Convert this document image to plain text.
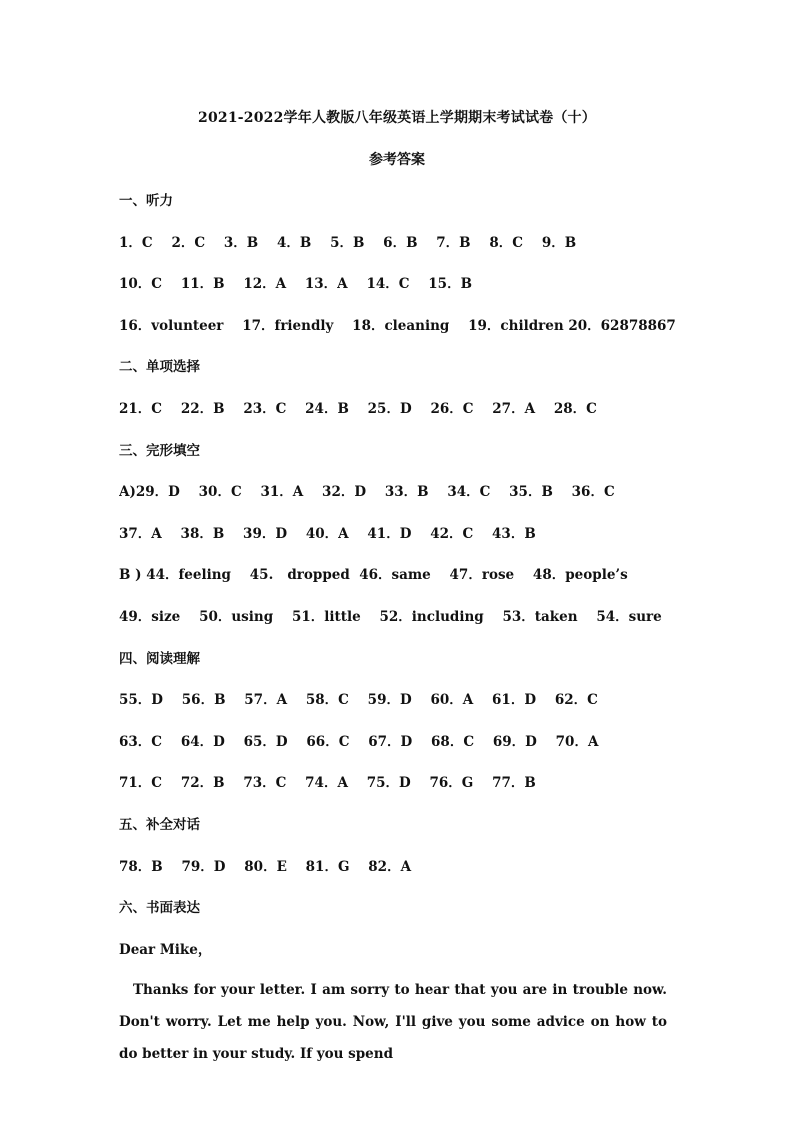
2021-2022学年人教版八年级英语上学期期末考试试卷（十）
参考答案
一、听力
1．C    2．C    3．B    4．B    5．B    6．B    7．B    8．C    9．B
10．C    11．B    12．A    13．A    14．C    15．B
16．volunteer    17．friendly    18．cleaning    19．children 20．62878867
二、单项选择
21．C    22．B    23．C    24．B    25．D    26．C    27．A    28．C
三、完形填空
A)29．D    30．C    31．A    32．D    33．B    34．C    35．B    36．C
37．A    38．B    39．D    40．A    41．D    42．C    43．B
B ) 44．feeling    45.   dropped  46．same    47．rose    48．people’s
49．size    50．using    51．little    52．including    53．taken    54．sure
四、阅读理解
55．D    56．B    57．A    58．C    59．D    60．A    61．D    62．C
63．C    64．D    65．D    66．C    67．D    68．C    69．D    70．A
71．C    72．B    73．C    74．A    75．D    76．G    77．B
五、补全对话
78．B    79．D    80．E    81．G    82．A
六、书面表达
Dear Mike，
Thanks for your letter. I am sorry to hear that you are in trouble now. Don't worry. Let me help you. Now, I'll give you some advice on how to do better in your study. If you spend
